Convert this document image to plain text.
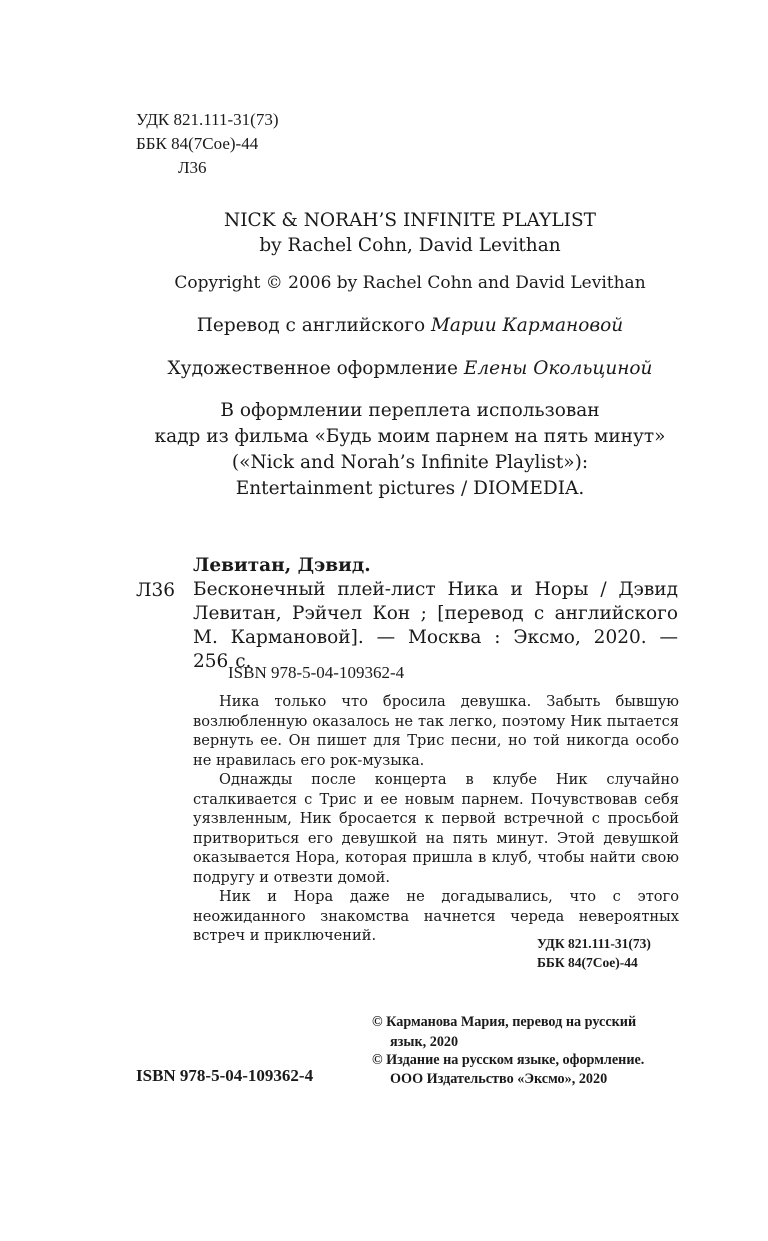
УДК 821.111-31(73)
ББК 84(7Сое)-44
Л36
NICK & NORAH’S INFINITE PLAYLIST
by Rachel Cohn, David Levithan
Copyright © 2006 by Rachel Cohn and David Levithan
Перевод с английского Марии Кармановой
Художественное оформление Елены Окольциной
В оформлении переплета использован
кадр из фильма «Будь моим парнем на пять минут»
(«Nick and Norah’s Infinite Playlist»):
Entertainment pictures / DIOMEDIA.
Левитан, Дэвид.
Л36 Бесконечный плей-лист Ника и Норы / Дэвид Левитан, Рэйчел Кон ; [перевод с английского М. Кармановой]. — Москва : Эксмо, 2020. — 256 с.
ISBN 978-5-04-109362-4

Ника только что бросила девушка. Забыть бывшую возлюбленную оказалось не так легко, поэтому Ник пытается вернуть ее. Он пишет для Трис песни, но той никогда особо не нравилась его рок-музыка.

Однажды после концерта в клубе Ник случайно сталкивается с Трис и ее новым парнем. Почувствовав себя уязвленным, Ник бросается к первой встречной с просьбой притвориться его девушкой на пять минут. Этой девушкой оказывается Нора, которая пришла в клуб, чтобы найти свою подругу и отвезти домой.

Ник и Нора даже не догадывались, что с этого неожиданного знакомства начнется череда невероятных встреч и приключений.	УДК 821.111-31(73)
ББК 84(7Сое)-44
ISBN 978-5-04-109362-4
© Карманова Мария, перевод на русский
язык, 2020
© Издание на русском языке, оформление.
ООО Издательство «Эксмо», 2020
